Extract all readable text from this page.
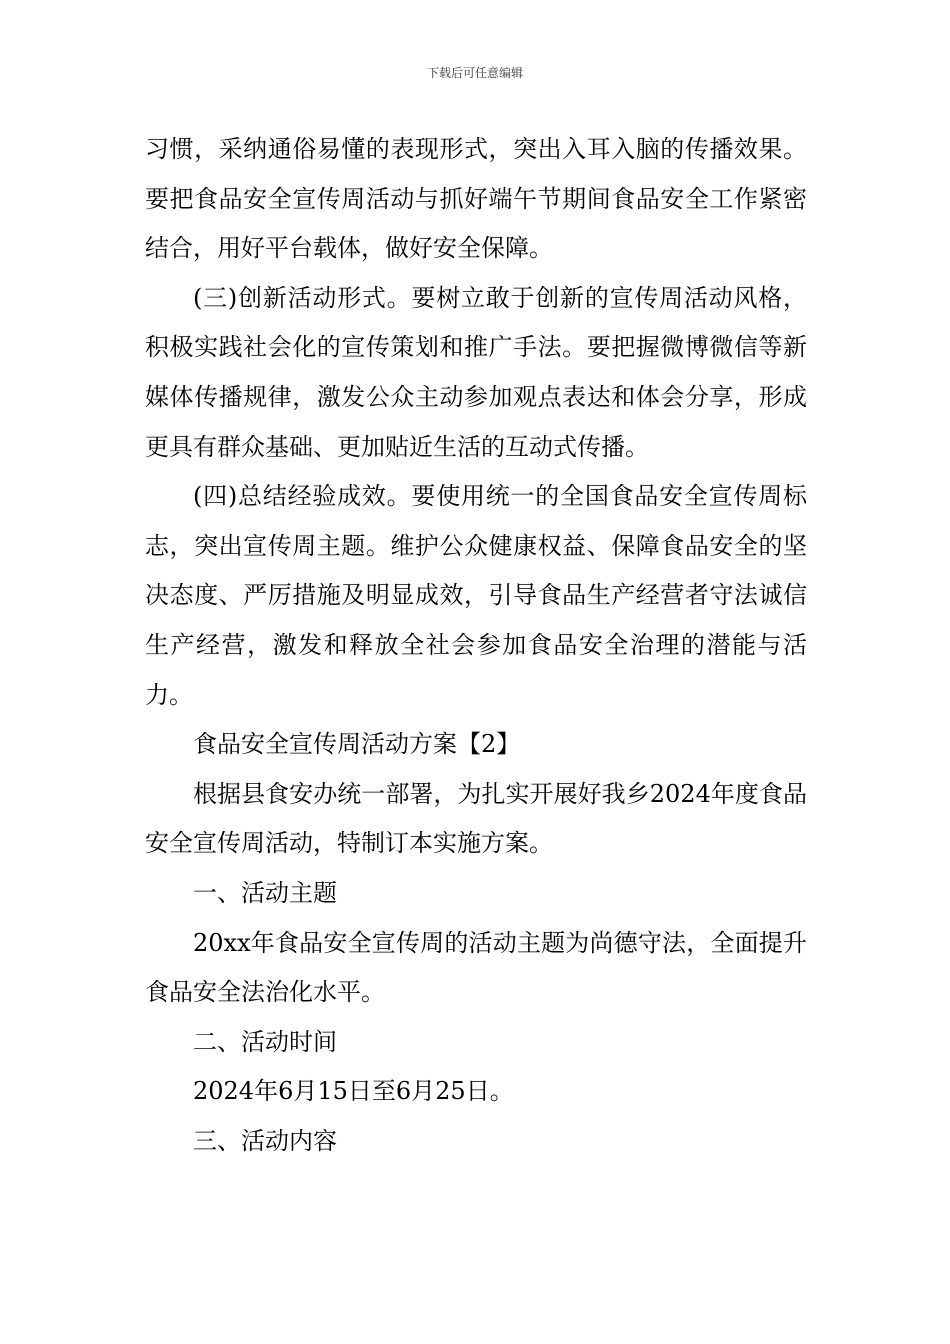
下载后可任意编辑

习惯，采纳通俗易懂的表现形式，突出入耳入脑的传播效果。要把食品安全宣传周活动与抓好端午节期间食品安全工作紧密结合，用好平台载体，做好安全保障。

(三)创新活动形式。要树立敢于创新的宣传周活动风格，积极实践社会化的宣传策划和推广手法。要把握微博微信等新媒体传播规律，激发公众主动参加观点表达和体会分享，形成更具有群众基础、更加贴近生活的互动式传播。

(四)总结经验成效。要使用统一的全国食品安全宣传周标志，突出宣传周主题。维护公众健康权益、保障食品安全的坚决态度、严厉措施及明显成效，引导食品生产经营者守法诚信生产经营，激发和释放全社会参加食品安全治理的潜能与活力。

食品安全宣传周活动方案【2】

根据县食安办统一部署，为扎实开展好我乡2024年度食品安全宣传周活动，特制订本实施方案。

一、活动主题

20xx年食品安全宣传周的活动主题为尚德守法，全面提升食品安全法治化水平。

二、活动时间

2024年6月15日至6月25日。

三、活动内容
